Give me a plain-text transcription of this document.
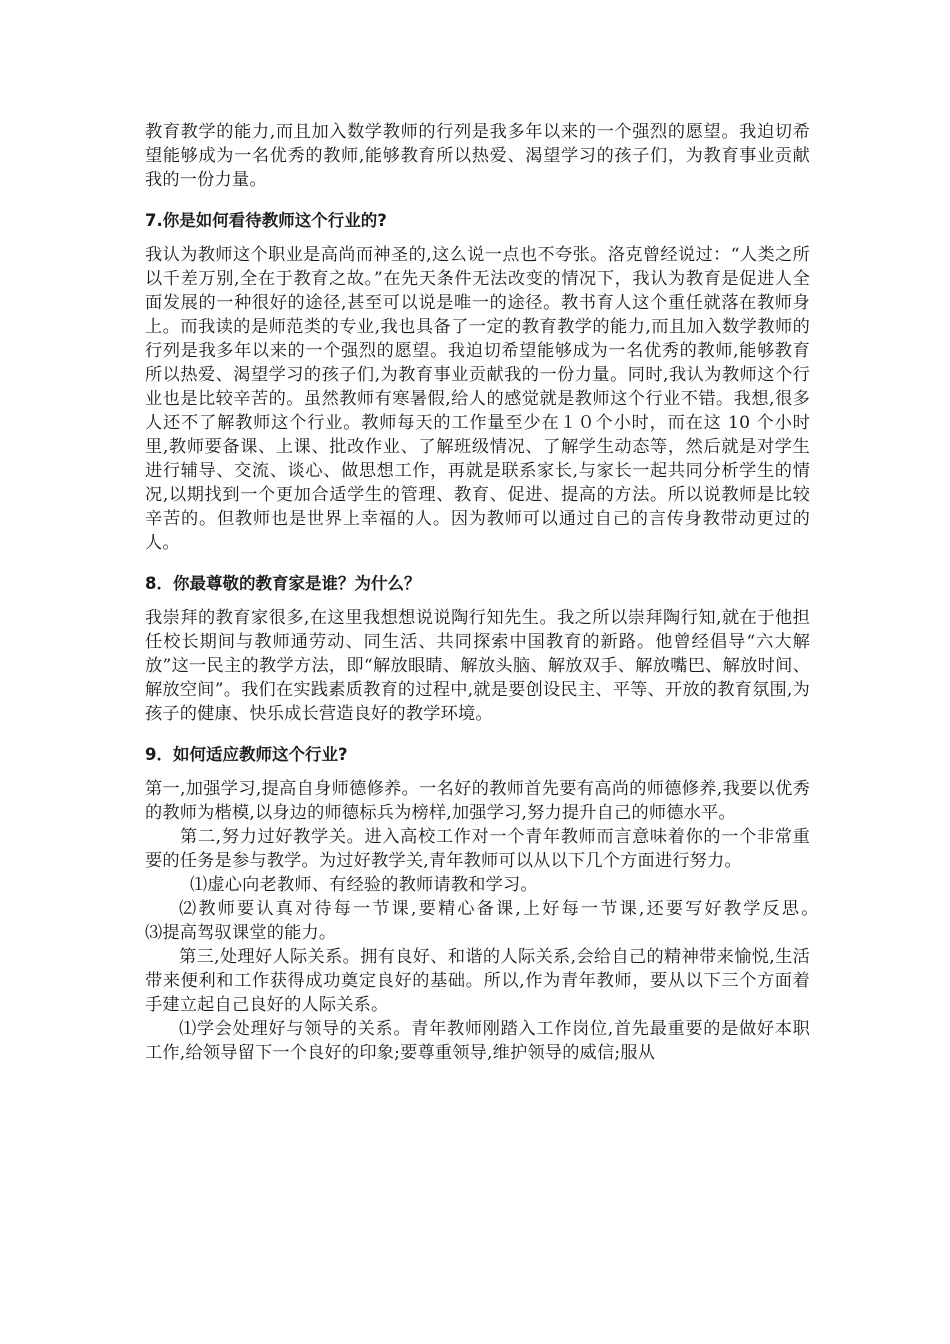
教育教学的能力,而且加入数学教师的行列是我多年以来的一个强烈的愿望。我迫切希望能够成为一名优秀的教师,能够教育所以热爱、渴望学习的孩子们，为教育事业贡献我的一份力量。

7.你是如何看待教师这个行业的?

我认为教师这个职业是高尚而神圣的,这么说一点也不夸张。洛克曾经说过：“人类之所以千差万别,全在于教育之故。”在先天条件无法改变的情况下，我认为教育是促进人全面发展的一种很好的途径,甚至可以说是唯一的途径。教书育人这个重任就落在教师身上。而我读的是师范类的专业,我也具备了一定的教育教学的能力,而且加入数学教师的行列是我多年以来的一个强烈的愿望。我迫切希望能够成为一名优秀的教师,能够教育所以热爱、渴望学习的孩子们,为教育事业贡献我的一份力量。同时,我认为教师这个行业也是比较辛苦的。虽然教师有寒暑假,给人的感觉就是教师这个行业不错。我想,很多人还不了解教师这个行业。教师每天的工作量至少在１０个小时，而在这 10 个小时里,教师要备课、上课、批改作业、了解班级情况、了解学生动态等，然后就是对学生进行辅导、交流、谈心、做思想工作，再就是联系家长,与家长一起共同分析学生的情况,以期找到一个更加合适学生的管理、教育、促进、提高的方法。所以说教师是比较辛苦的。但教师也是世界上幸福的人。因为教师可以通过自己的言传身教带动更过的人。

8．你最尊敬的教育家是谁？为什么？

我崇拜的教育家很多,在这里我想想说说陶行知先生。我之所以崇拜陶行知,就在于他担任校长期间与教师通劳动、同生活、共同探索中国教育的新路。他曾经倡导“六大解放”这一民主的教学方法，即“解放眼睛、解放头脑、解放双手、解放嘴巴、解放时间、解放空间”。我们在实践素质教育的过程中,就是要创设民主、平等、开放的教育氛围,为孩子的健康、快乐成长营造良好的教学环境。

9．如何适应教师这个行业?

第一,加强学习,提高自身师德修养。一名好的教师首先要有高尚的师德修养,我要以优秀的教师为楷模,以身边的师德标兵为榜样,加强学习,努力提升自己的师德水平。

第二,努力过好教学关。进入高校工作对一个青年教师而言意味着你的一个非常重要的任务是参与教学。为过好教学关,青年教师可以从以下几个方面进行努力。

⑴虚心向老教师、有经验的教师请教和学习。

⑵教师要认真对待每一节课,要精心备课,上好每一节课,还要写好教学反思。　　　⑶提高驾驭课堂的能力。

第三,处理好人际关系。拥有良好、和谐的人际关系,会给自己的精神带来愉悦,生活带来便利和工作获得成功奠定良好的基础。所以,作为青年教师，要从以下三个方面着手建立起自己良好的人际关系。

⑴学会处理好与领导的关系。青年教师刚踏入工作岗位,首先最重要的是做好本职工作,给领导留下一个良好的印象;要尊重领导,维护领导的威信;服从
